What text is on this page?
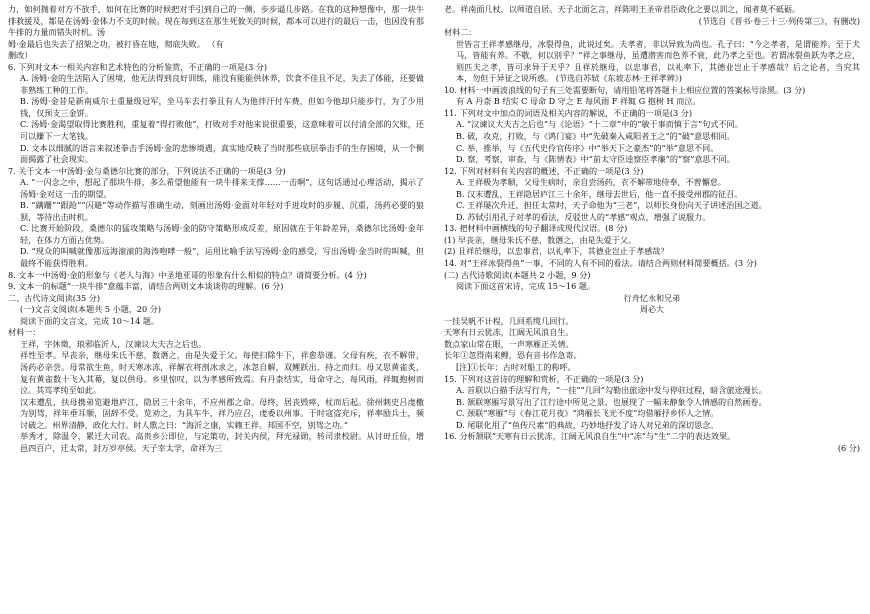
力，如何抛着对方不放手，如何在比赛的时候把对手引到自己的一侧，步步逼几步路。在我的这种想像中，那一块牛排救援及，都是在汤姆·金体力不支的时候。现在每到这在那生死攸关的时候，都本可以进行的最后一击，也因没有那牛排的力量而错失时机。汤

姆·金最后也失去了招架之功，被打昏在地，彻底失败。 （有

删改）

6. 下列对文本一相关内容和艺术特色的分析鉴赏，不正确的一项是(3 分)

A. 汤姆·金的生活陷入了困境，他无法得到良好训练，能没有能能供休养，饮食不佳且不足，失去了体能，还要做非熟练工种的工作。

B. 汤姆·金昔是新南威尔士重量级冠军，坐马车去打拳且有人为他拌汗付车费，但如今他却只能步行，为了少用钱，仅预支三金饼。

C. 汤姆·金渴望取得比赛胜利，重复着“得打败他”，打败对手对他来说很重要，这意味着可以付清全部的欠账，还可以赚下一大笔钱。

D. 文本以细腻的语言来叙述拳击手汤姆·金的悲惨境遇，真实地反映了当时那些底层拳击手的生存困境，从一个侧面揭露了社会现实。

7. 关于文本一中汤姆·金与桑德尔比赛的部分，下列说法不正确的一项是(3 分)

A. “一闪念之中，想起了那块牛排，多么希望他能有一块牛排来支撑……一击啊”，这句话通过心理活动，揭示了汤姆·金对这一击的期望。

B. “蹒跚”“跟跄”“闪避”等动作描写准确生动，刻画出汤姆·金面对年轻对手进攻时的步履、沉重，汤药必要的狼狈，等待出击时机。

C. 比赛开始阶段，桑德尔的猛攻策略与汤姆·金的防守策略形成反差，原因就在于年龄差异，桑德尔比汤姆·金年轻，在体力方面占优势。

D. “现众的叫喊就像那远海滚滚的海涛咆哮一般”，运用比喻手法写汤姆·金的感受，写出汤姆·金当时的叫喊，但最终不能获得胜利。

8. 文本一中汤姆·金的形象与《老人与海》中圣地亚哥的形象有什么相似的特点？请简要分析。(4 分)

9. 文本一的标题“一块牛排”意蕴丰富，请结合两则文本谈谈你的理解。(6 分)

二、古代诗文阅读(35 分)

(一)文言文阅读(本题共 5 小题，20 分)

阅读下面的文言文，完成 10～14 题。

材料一：

王祥，字休徵，琅邪临沂人，汉谏议大夫吉之后也。

祥性至孝。早丧亲，继母朱氏不慈，数谮之，由是失爱于父。每使扫除牛下，祥愈恭谨。父母有疾，衣不解带，汤药必亲尝。母常欲生鱼，时天寒冰冻，祥解衣将剖冰求之，冰忽自解，双鲤跃出，持之而归。母又思黄雀炙，复有黄雀数十飞入其幕，复以供母。乡里惊叹，以为孝感所致焉。有丹柰结实，母命守之，每风雨，祥辄抱树而泣。其笃孝纯至如此。

汉末遭乱，扶母携弟览避地庐江，隐居三十余年，不应州郡之命。母终，居丧毁瘁，杖而后起。徐州刺史吕虔檄为别驾，祥年垂耳顺，固辞不受。览劝之，为具车牛，祥乃应召，虔委以州事。于时寇盗充斥，祥率励兵士，频讨破之。州界清静，政化大行。时人歌之曰：“海沂之康，实赖王祥。邦国不空，别驾之功。”

举秀才，除温令，累迁大司农。高贵乡公即位，与定策功，封关内侯，拜光禄勋，转司隶校尉。从讨毌丘俭，增邑四百户，迁太常，封万岁亭侯。天子幸太学，命祥为三

老。祥南面几杖，以师道自居。天子北面乞言，祥陈明王圣帝君臣政化之要以训之，闻者莫不砥砺。

(节选自《晋书·卷三十三·列传第三》，有删改)

材料二：

世皆言王祥孝感继母，冰裂得鱼，此说过矣。夫孝者，非以异致为尚也。孔子曰：“今之孝者，是谓能养。至于犬马，皆能有养。不敬，何以别乎？”祥之事继母，虽遭潜害而色养不衰，此乃孝之至也。若谓冰裂鱼跃为孝之应，则匹夫之孝，皆可求异于天乎？且祥於继母，以忠事君，以礼率下，其德业岂止于孝感哉？后之论者，当究其本，勿但于异征之说所惑。 (节选自苏轼《东坡志林·王祥孝辨》)

10. 材料一中画波浪线的句子有三处需要断句，请用铅笔将答题卡上相应位置的答案标号涂黑。(3 分)

有 A 丹柰 B 结实 C 母命 D 守之 E 每风雨 F 祥辄 G 抱树 H 而泣。

11. 下列对文中加点的词语及相关内容的解说，不正确的一项是(3 分)

A. “汉谏议大夫吉之后也”与《论语》“十二章”中的“敏于事而慎于言”句式不同。

B. 破，攻克，打败，与《鸿门宴》中“先破秦入咸阳者王之”的“破”意思相同。

C. 举，推举，与《五代史伶官传序》中“举天下之豪杰”的“举”意思不同。

D. 察，考察，审查，与《陈情表》中“前太守臣逵察臣孝廉”的“察”意思不同。

12. 下列对材料有关内容的概述，不正确的一项是(3 分)

A. 王祥极为孝顺，父母生病时，亲自尝汤药，衣不解带地侍奉，不曾懈怠。

B. 汉末遭乱，王祥隐居庐江三十余年，继母去世后，他一直不接受州郡的征召。

C. 王祥屡次升迁，担任太常时，天子命他为“三老”，以师长身份向天子讲述治国之道。

D. 苏轼引用孔子对孝的看法，反驳世人的“孝感”观点，增强了说服力。

13. 把材料中画横线的句子翻译成现代汉语。(8 分)

(1) 早丧亲，继母朱氏不慈，数谮之，由是失爱于父。

(2) 且祥於继母，以忠事君，以礼率下，其德业岂止于孝感哉？

14. 对“王祥冰裂得鱼”一事，不同的人有不同的看法。请结合两则材料简要概括。(3 分)

(二) 古代诗歌阅读(本题共 2 小题，9 分)

阅读下面这首宋诗，完成 15～16 题。

行舟忆永和兄弟

周必大

一挂吴帆不计程，几回系缆几回行。

天寒有日云犹冻，江阔无风浪自生。

数点家山常在眼，一声寒雁正关情。

长年①忽得南来鲤，恐有音书作急寄。

[注]①长年：古时对船工的称呼。

15. 下列对这首诗的理解和赏析，不正确的一项是(3 分)

A. 首联以白描手法写行舟，“一挂”“几回”勾勒出旅途中发与停驻过程，暗含旅途漫长。

B. 颔联寒雁写景写出了江行途中所见之景，也展现了一幅未静象令人情感的自然画卷。

C. 颈联“寒雁”与《春江花月夜》“鸿雁长飞光不度”均借雁抒乡怀人之情。

D. 尾联化用了“鱼传尺素”的典故，巧妙地抒发了诗人对兄弟的深切思念。

16. 分析颔联“天寒有日云犹冻，江阔无风浪自生”中“冻”与“生”二字的表达效果。

(6 分)
